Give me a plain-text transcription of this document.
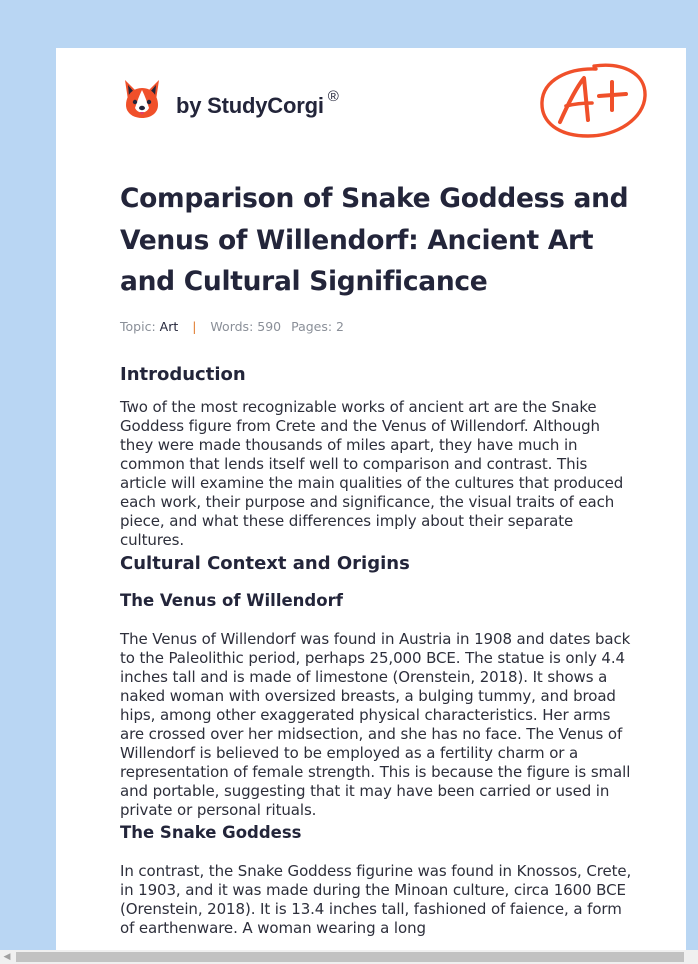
by StudyCorgi ®
Comparison of Snake Goddess and Venus of Willendorf: Ancient Art and Cultural Significance
Topic: Art | Words: 590 Pages: 2
Introduction

Two of the most recognizable works of ancient art are the Snake Goddess figure from Crete and the Venus of Willendorf. Although they were made thousands of miles apart, they have much in common that lends itself well to comparison and contrast. This article will examine the main qualities of the cultures that produced each work, their purpose and significance, the visual traits of each piece, and what these differences imply about their separate cultures.

Cultural Context and Origins
The Venus of Willendorf

The Venus of Willendorf was found in Austria in 1908 and dates back to the Paleolithic period, perhaps 25,000 BCE. The statue is only 4.4 inches tall and is made of limestone (Orenstein, 2018). It shows a naked woman with oversized breasts, a bulging tummy, and broad hips, among other exaggerated physical characteristics. Her arms are crossed over her midsection, and she has no face. The Venus of Willendorf is believed to be employed as a fertility charm or a representation of female strength. This is because the figure is small and portable, suggesting that it may have been carried or used in private or personal rituals.

The Snake Goddess

In contrast, the Snake Goddess figurine was found in Knossos, Crete, in 1903, and it was made during the Minoan culture, circa 1600 BCE (Orenstein, 2018). It is 13.4 inches tall, fashioned of faience, a form of earthenware. A woman wearing a long

◀
